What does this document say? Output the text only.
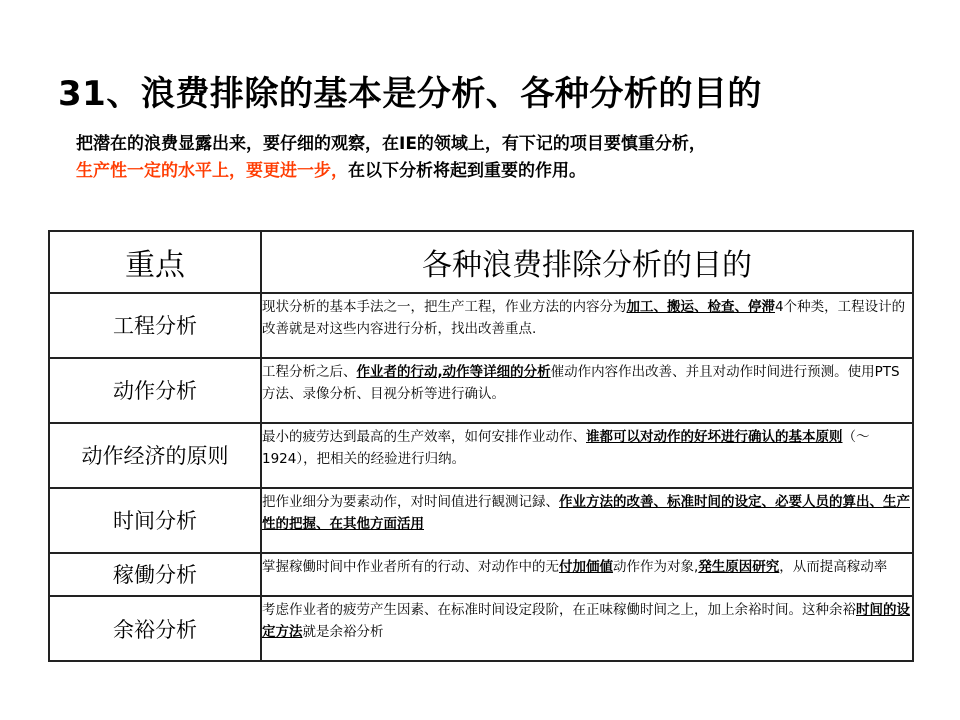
31、浪费排除的基本是分析、各种分析的目的
把潜在的浪费显露出来，要仔细的观察，在IE的领域上，有下记的项目要慎重分析，
生产性一定的水平上，要更进一步，在以下分析将起到重要的作用。
重点	各种浪费排除分析的目的
工程分析	现状分析的基本手法之一，把生产工程，作业方法的内容分为加工、搬运、检查、停滞4个种类，工程设计的改善就是对这些内容进行分析，找出改善重点.

动作分析	工程分析之后、作业者的行动,动作等详细的分析催动作内容作出改善、并且对动作时间进行预测。使用PTS方法、录像分析、目视分析等进行确认。

动作经济的原则	最小的疲劳达到最高的生产效率，如何安排作业动作、谁都可以对动作的好坏进行确认的基本原则（～1924），把相关的经验进行归纳。

时间分析	把作业细分为要素动作，对时间值进行観测记録、作业方法的改善、标准时间的设定、必要人员的算出、生产性的把握、在其他方面活用

稼働分析	掌握稼働时间中作业者所有的行动、对动作中的无付加価値动作作为对象,発生原因研究，从而提高稼动率

余裕分析	考虑作业者的疲劳产生因素、在标准时间设定段阶，在正味稼働时间之上，加上余裕时间。这种余裕时间的设定方法就是余裕分析
